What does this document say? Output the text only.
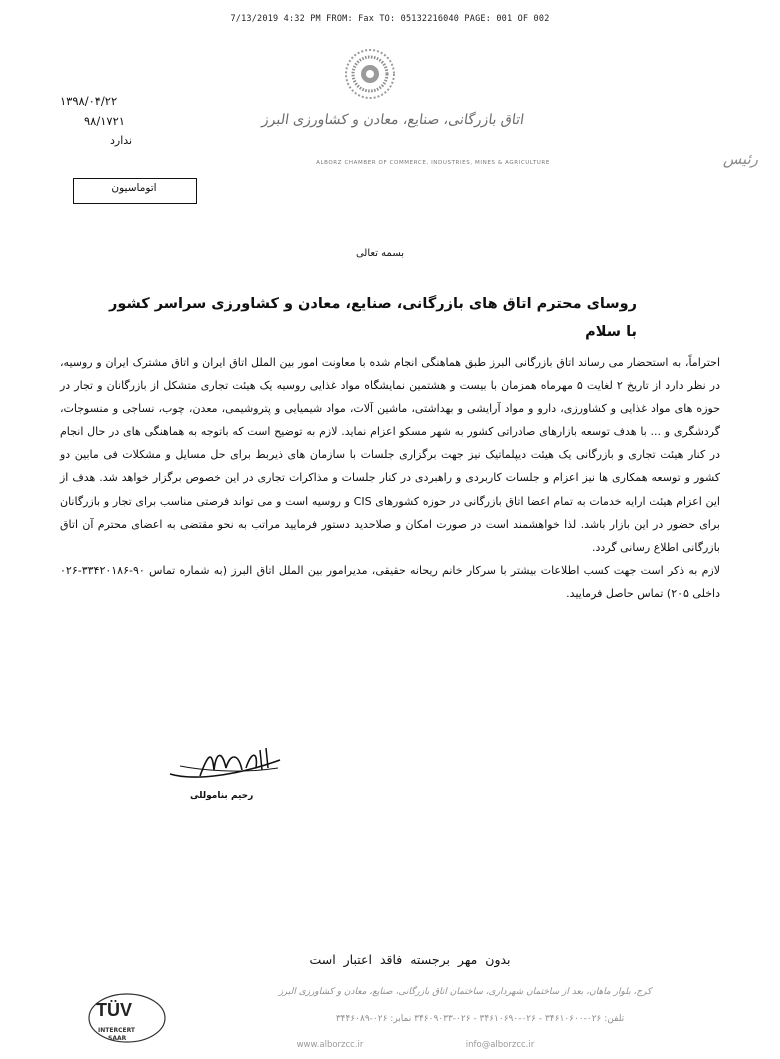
7/13/2019 4:32 PM FROM: Fax TO: 05132216040 PAGE: 001 OF 002
۱۳۹۸/۰۴/۲۲
۹۸/۱۷۲۱
ندارد
اتاق بازرگانی، صنایع، معادن و کشاورزی البرز
ALBORZ CHAMBER OF COMMERCE, INDUSTRIES, MINES & AGRICULTURE	رئیس
اتوماسیون
بسمه تعالی
روسای محترم اتاق های بازرگانی، صنایع، معادن و کشاورزی سراسر کشور
با سلام

احتراماً، به استحضار می رساند اتاق بازرگانی البرز طبق هماهنگی انجام شده با معاونت امور بین الملل اتاق ایران و اتاق مشترک ایران و روسیه، در نظر دارد از تاریخ ۲ لغایت ۵ مهرماه همزمان با بیست و هشتمین نمایشگاه مواد غذایی روسیه یک هیئت تجاری متشکل از بازرگانان و تجار در حوزه های مواد غذایی و کشاورزی، دارو و مواد آرایشی و بهداشتی، ماشین آلات، مواد شیمیایی و پتروشیمی، معدن، چوب، نساجی و منسوجات، گردشگری و ... با هدف توسعه بازارهای صادراتی کشور به شهر مسکو اعزام نماید. لازم به توضیح است که باتوجه به هماهنگی های در حال انجام در کنار هیئت تجاری و بازرگانی یک هیئت دیپلماتیک نیز جهت برگزاری جلسات با سازمان های ذیربط برای حل مسایل و مشکلات فی مابین دو کشور و توسعه همکاری ها نیز اعزام و جلسات کاربردی و راهبردی در کنار جلسات و مذاکرات تجاری در این خصوص برگزار خواهد شد. هدف از این اعزام هیئت ارایه خدمات به تمام اعضا اتاق بازرگانی در حوزه کشورهای CIS و روسیه است و می تواند فرصتی مناسب برای تجار و بازرگانان برای حضور در این بازار باشد. لذا خواهشمند است در صورت امکان و صلاحدید دستور فرمایید مراتب به نحو مقتضی به اعضای محترم آن اتاق بازرگانی اطلاع رسانی گردد.

لازم به ذکر است جهت کسب اطلاعات بیشتر با سرکار خانم ریحانه حقیقی، مدیرامور بین الملل اتاق البرز (به شماره تماس ۹۰-۳۳۴۲۰۱۸۶-۰۲۶ داخلی ۲۰۵) تماس حاصل فرمایید.

رحیم بناموللی
بدون مهر برجسته فاقد اعتبار است
کرج، بلوار ماهان، بعد از ساختمان شهرداری، ساختمان اتاق بازرگانی، صنایع، معادن و کشاورزی البرز
تلفن: ۰۲۶-۳۴۶۱۰۶۰۰ - ۰۲۶-۳۴۶۱۰۶۹۰ - ۰۲۶-۳۴۶۰۹۰۳۳ نمابر: ۰۲۶-۳۴۴۶۰۸۹
www.alborzcc.ir	info@alborzcc.ir
TÜV
INTERCERT
SAAR
